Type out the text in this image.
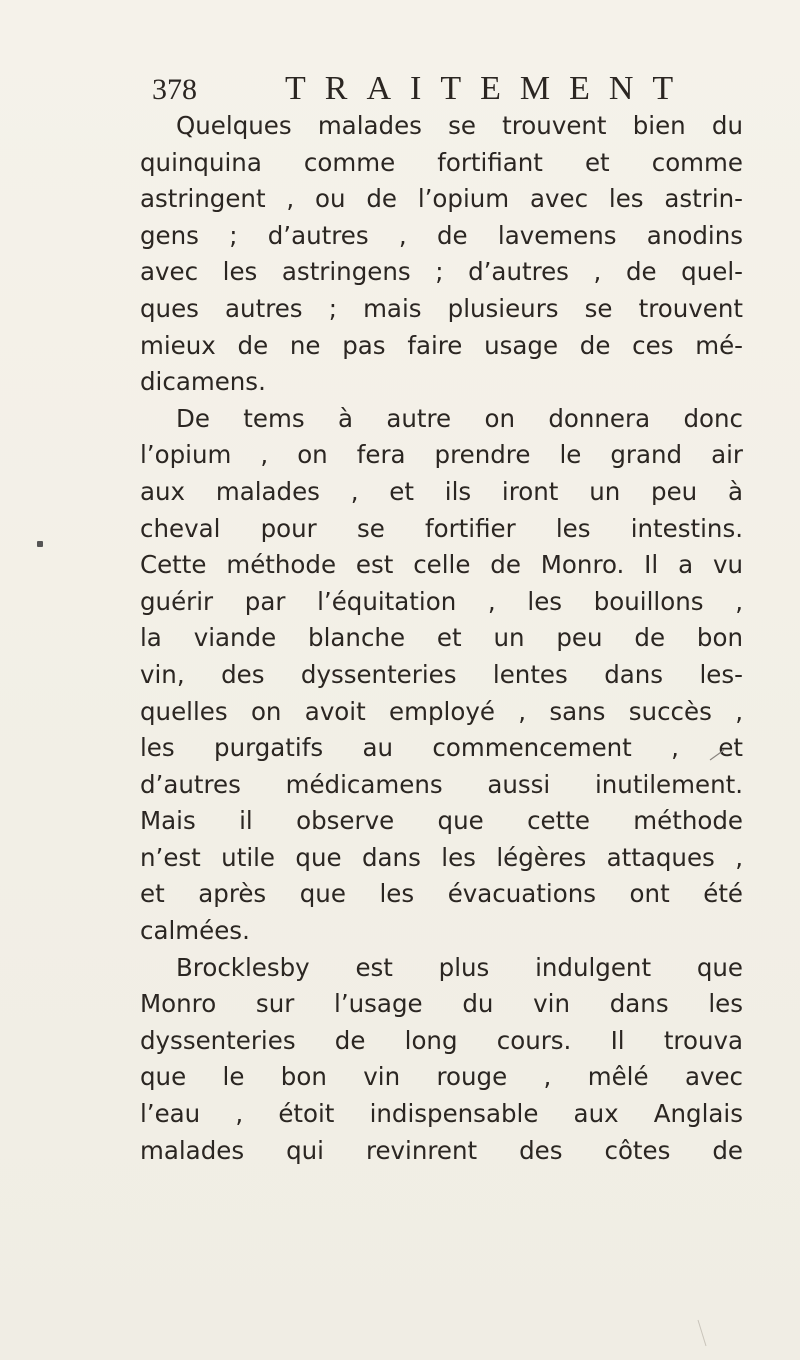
378	TRAITEMENT
Quelques malades se trouvent bien du
quinquina comme fortifiant et comme
astringent , ou de l’opium avec les astrin-
gens ; d’autres , de lavemens anodins
avec les astringens ; d’autres , de quel-
ques autres ; mais plusieurs se trouvent
mieux de ne pas faire usage de ces mé-
dicamens.
De tems à autre on donnera donc
l’opium , on fera prendre le grand air
aux malades , et ils iront un peu à
cheval pour se fortifier les intestins.
Cette méthode est celle de Monro. Il a vu
guérir par l’équitation , les bouillons ,
la viande blanche et un peu de bon
vin, des dyssenteries lentes dans les-
quelles on avoit employé , sans succès ,
les purgatifs au commencement , et
d’autres médicamens aussi inutilement.
Mais il observe que cette méthode
n’est utile que dans les légères attaques ,
et après que les évacuations ont été
calmées.
Brocklesby est plus indulgent que
Monro sur l’usage du vin dans les
dyssenteries de long cours. Il trouva
que le bon vin rouge , mêlé avec
l’eau , étoit indispensable aux Anglais
malades qui revinrent des côtes de
